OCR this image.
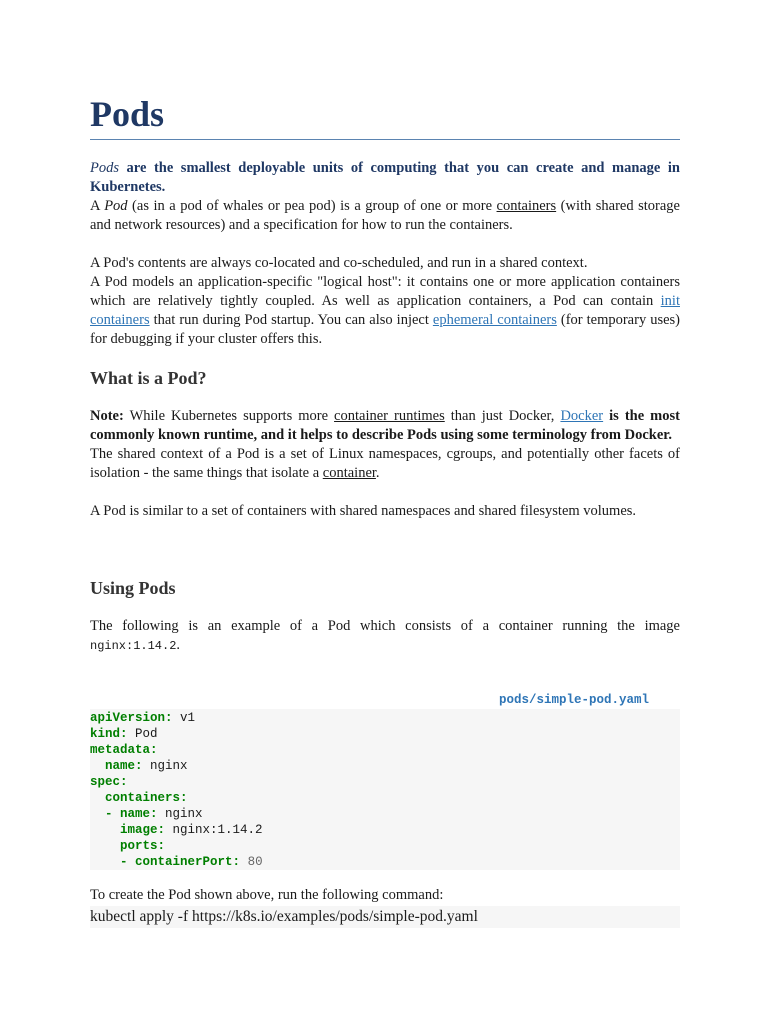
Pods

Pods are the smallest deployable units of computing that you can create and manage in Kubernetes.

A Pod (as in a pod of whales or pea pod) is a group of one or more containers (with shared storage and network resources) and a specification for how to run the containers.

A Pod's contents are always co-located and co-scheduled, and run in a shared context.

A Pod models an application-specific "logical host": it contains one or more application containers which are relatively tightly coupled. As well as application containers, a Pod can contain init containers that run during Pod startup. You can also inject ephemeral containers (for temporary uses) for debugging if your cluster offers this.

What is a Pod?

Note: While Kubernetes supports more container runtimes than just Docker, Docker is the most commonly known runtime, and it helps to describe Pods using some terminology from Docker.

The shared context of a Pod is a set of Linux namespaces, cgroups, and potentially other facets of isolation - the same things that isolate a container.

A Pod is similar to a set of containers with shared namespaces and shared filesystem volumes.

Using Pods

The following is an example of a Pod which consists of a container running the image nginx:1.14.2.

pods/simple-pod.yaml
apiVersion: v1
kind: Pod
metadata:
name: nginx
spec:
containers:
- name: nginx
image: nginx:1.14.2
ports:
- containerPort: 80
To create the Pod shown above, run the following command:
kubectl apply -f https://k8s.io/examples/pods/simple-pod.yaml
